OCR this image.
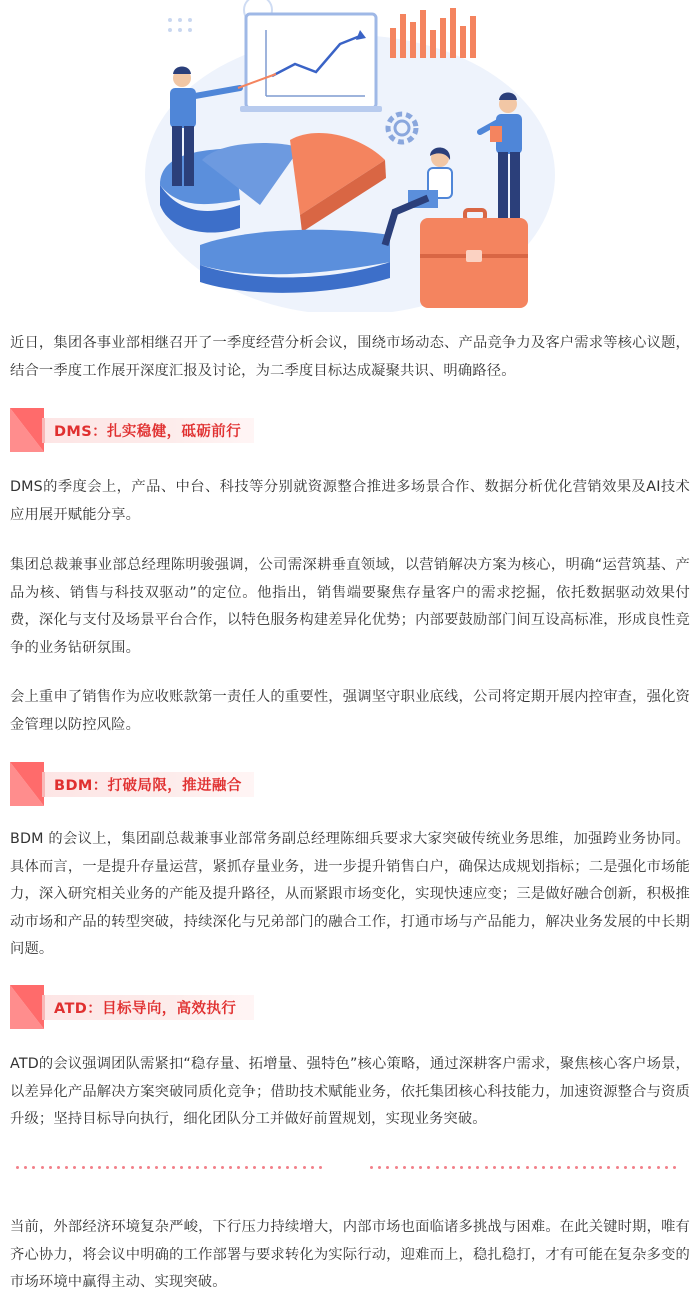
近日，集团各事业部相继召开了一季度经营分析会议，围绕市场动态、产品竞争力及客户需求等核心议题，结合一季度工作展开深度汇报及讨论，为二季度目标达成凝聚共识、明确路径。

DMS：扎实稳健，砥砺前行

DMS的季度会上，产品、中台、科技等分别就资源整合推进多场景合作、数据分析优化营销效果及AI技术应用展开赋能分享。

集团总裁兼事业部总经理陈明骏强调，公司需深耕垂直领域，以营销解决方案为核心，明确“运营筑基、产品为核、销售与科技双驱动”的定位。他指出，销售端要聚焦存量客户的需求挖掘，依托数据驱动效果付费，深化与支付及场景平台合作，以特色服务构建差异化优势；内部要鼓励部门间互设高标准，形成良性竞争的业务钻研氛围。

会上重申了销售作为应收账款第一责任人的重要性，强调坚守职业底线，公司将定期开展内控审查，强化资金管理以防控风险。

BDM：打破局限，推进融合

BDM 的会议上，集团副总裁兼事业部常务副总经理陈细兵要求大家突破传统业务思维，加强跨业务协同。具体而言，一是提升存量运营，紧抓存量业务，进一步提升销售白户，确保达成规划指标；二是强化市场能力，深入研究相关业务的产能及提升路径，从而紧跟市场变化，实现快速应变；三是做好融合创新，积极推动市场和产品的转型突破，持续深化与兄弟部门的融合工作，打通市场与产品能力，解决业务发展的中长期问题。

ATD：目标导向，高效执行

ATD的会议强调团队需紧扣“稳存量、拓增量、强特色”核心策略，通过深耕客户需求，聚焦核心客户场景，以差异化产品解决方案突破同质化竞争；借助技术赋能业务，依托集团核心科技能力，加速资源整合与资质升级；坚持目标导向执行，细化团队分工并做好前置规划，实现业务突破。

当前，外部经济环境复杂严峻，下行压力持续增大，内部市场也面临诸多挑战与困难。在此关键时期，唯有齐心协力，将会议中明确的工作部署与要求转化为实际行动，迎难而上，稳扎稳打，才有可能在复杂多变的市场环境中赢得主动、实现突破。
